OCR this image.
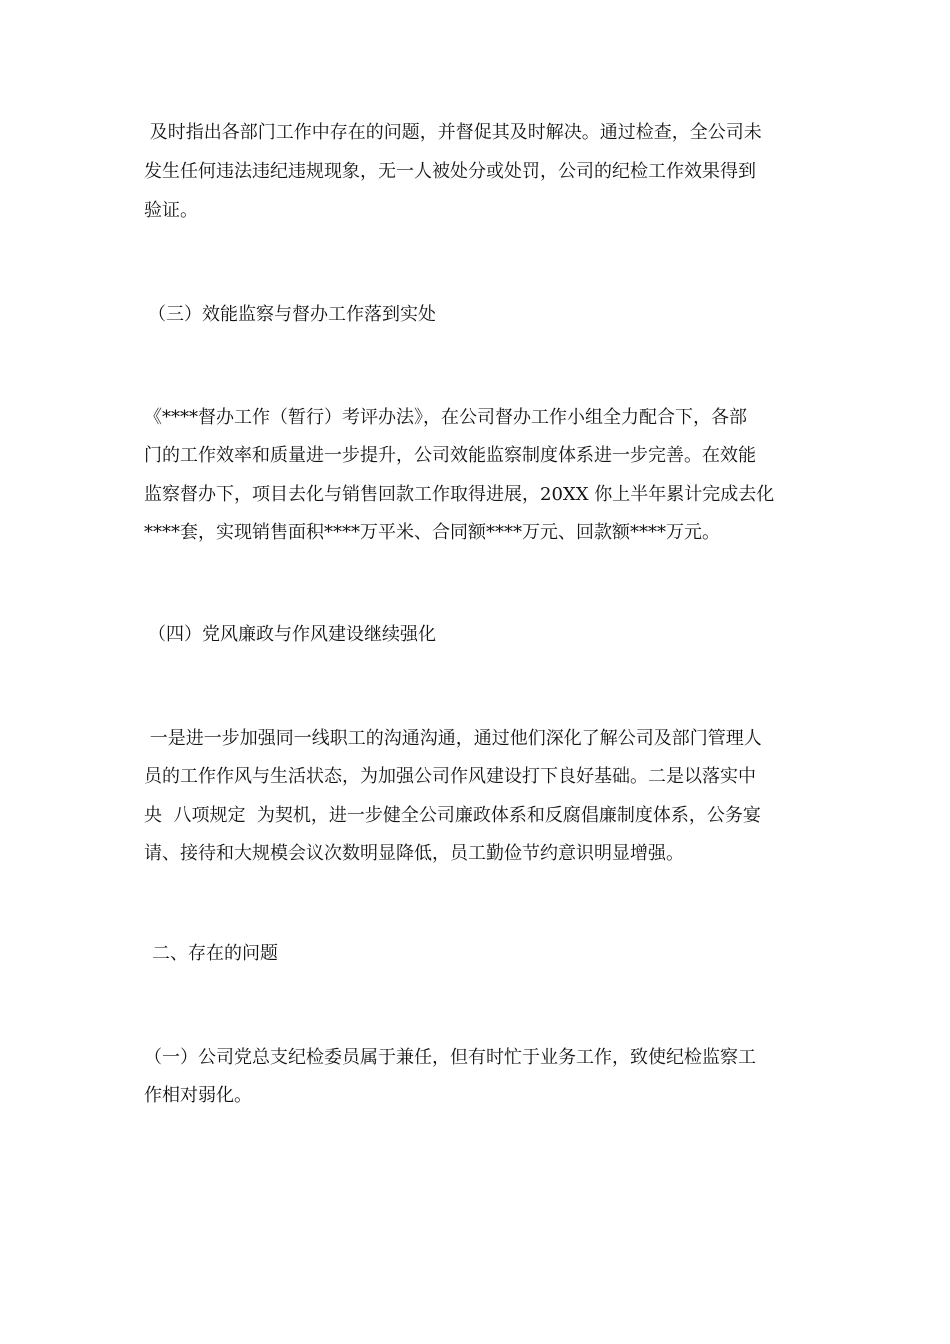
及时指出各部门工作中存在的问题，并督促其及时解决。通过检查，全公司未
发生任何违法违纪违规现象，无一人被处分或处罚，公司的纪检工作效果得到
验证。
（三）效能监察与督办工作落到实处
《****督办工作（暂行）考评办法》，在公司督办工作小组全力配合下，各部
门的工作效率和质量进一步提升，公司效能监察制度体系进一步完善。在效能
监察督办下，项目去化与销售回款工作取得进展，20XX 你上半年累计完成去化
****套，实现销售面积****万平米、合同额****万元、回款额****万元。
（四）党风廉政与作风建设继续强化
一是进一步加强同一线职工的沟通沟通，通过他们深化了解公司及部门管理人
员的工作作风与生活状态，为加强公司作风建设打下良好基础。二是以落实中
央  八项规定  为契机，进一步健全公司廉政体系和反腐倡廉制度体系，公务宴
请、接待和大规模会议次数明显降低，员工勤俭节约意识明显增强。
二、存在的问题
（一）公司党总支纪检委员属于兼任，但有时忙于业务工作，致使纪检监察工
作相对弱化。
